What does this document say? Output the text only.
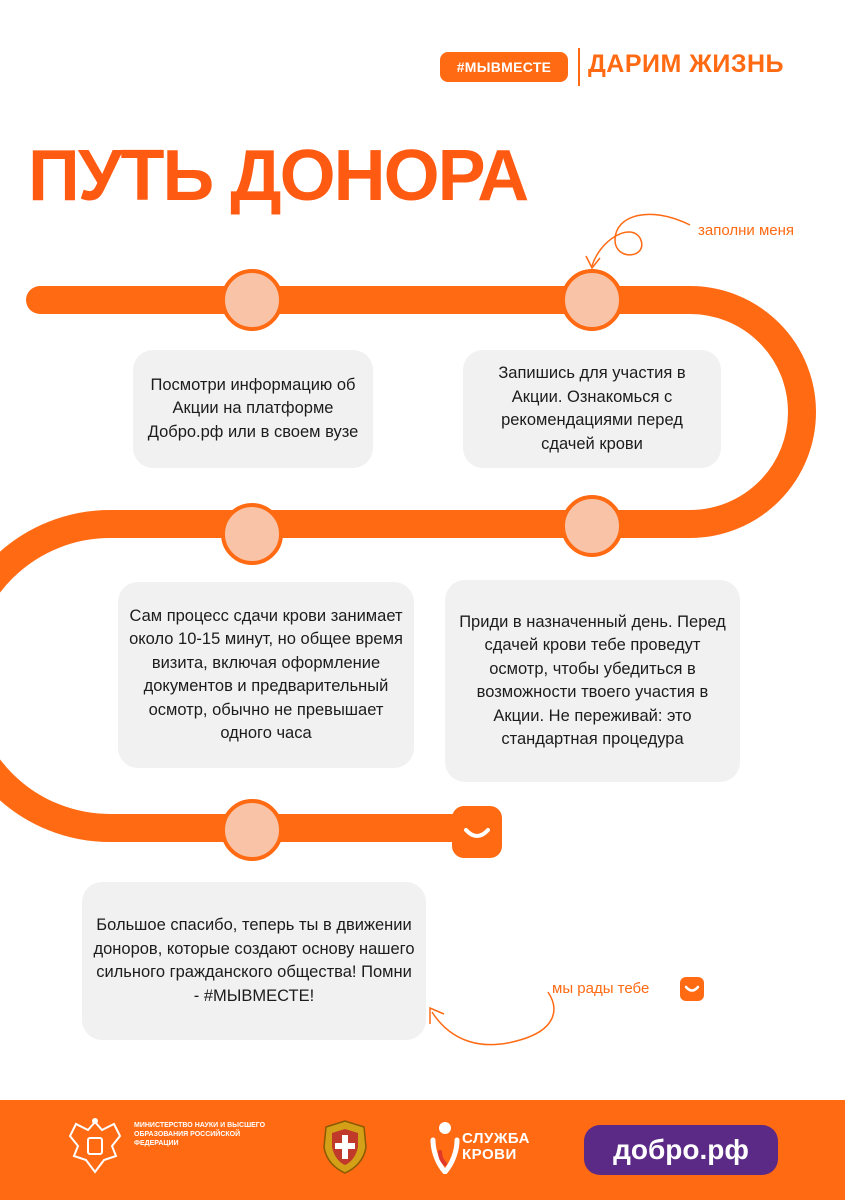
#МЫВМЕСТЕ	ДАРИМ ЖИЗНЬ
ПУТЬ ДОНОРА
заполни меня
мы рады тебе
Посмотри информацию об Акции на платформе Добро.рф или в своем вузе
Запишись для участия в Акции. Ознакомься с рекомендациями перед сдачей крови
Приди в назначенный день. Перед сдачей крови тебе проведут осмотр, чтобы убедиться в возможности твоего участия в Акции. Не переживай: это стандартная процедура
Сам процесс сдачи крови занимает около 10-15 минут, но общее время визита, включая оформление документов и предварительный осмотр, обычно не превышает одного часа
Большое спасибо, теперь ты в движении доноров, которые создают основу нашего сильного гражданского общества! Помни - #МЫВМЕСТЕ!
МИНИСТЕРСТВО НАУКИ И ВЫСШЕГО ОБРАЗОВАНИЯ РОССИЙСКОЙ ФЕДЕРАЦИИ	СЛУЖБА
КРОВИ	добро.рф
